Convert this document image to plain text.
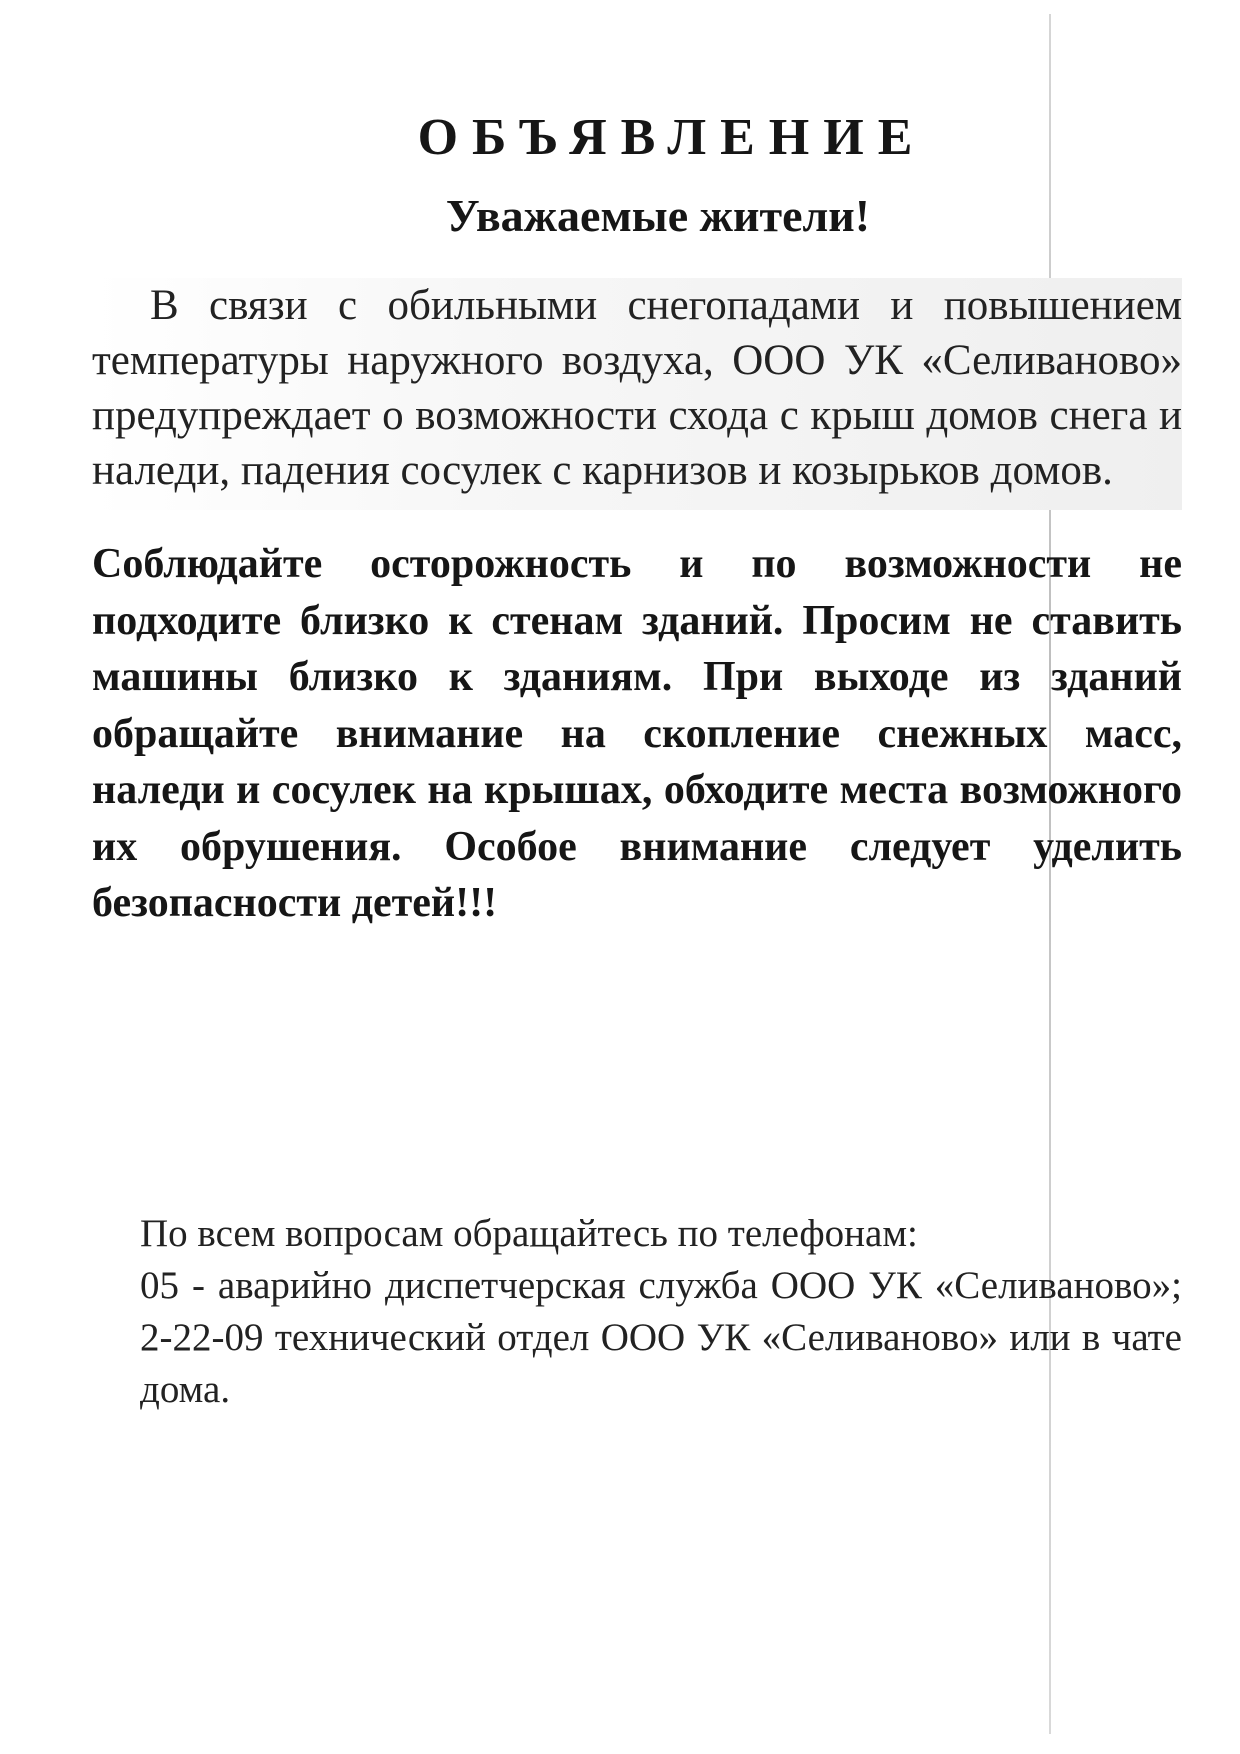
ОБЪЯВЛЕНИЕ
Уважаемые жители!

В связи с обильными снегопадами и повышением температуры наружного воздуха, ООО УК «Селиваново» предупреждает о возможности схода с крыш домов снега и наледи, падения сосулек с карнизов и козырьков домов.

Соблюдайте осторожность и по возможности не подходите близко к стенам зданий. Просим не ставить машины близко к зданиям. При выходе из зданий обращайте внимание на скопление снежных масс, наледи и сосулек на крышах, обходите места возможного их обрушения. Особое внимание следует уделить безопасности детей!!!

По всем вопросам обращайтесь по телефонам:

05 - аварийно диспетчерская служба ООО УК «Селиваново»; 2-22-09 технический отдел ООО УК «Селиваново» или в чате дома.
